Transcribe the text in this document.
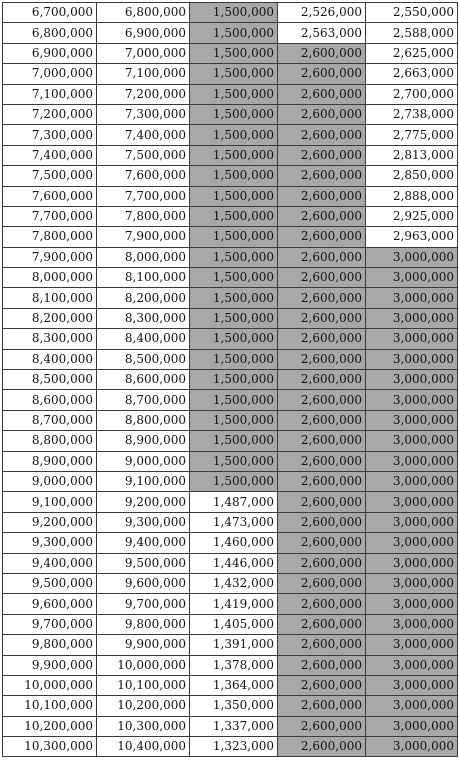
6,700,000	6,800,000	1,500,000	2,526,000	2,550,000
6,800,000	6,900,000	1,500,000	2,563,000	2,588,000
6,900,000	7,000,000	1,500,000	2,600,000	2,625,000
7,000,000	7,100,000	1,500,000	2,600,000	2,663,000
7,100,000	7,200,000	1,500,000	2,600,000	2,700,000
7,200,000	7,300,000	1,500,000	2,600,000	2,738,000
7,300,000	7,400,000	1,500,000	2,600,000	2,775,000
7,400,000	7,500,000	1,500,000	2,600,000	2,813,000
7,500,000	7,600,000	1,500,000	2,600,000	2,850,000
7,600,000	7,700,000	1,500,000	2,600,000	2,888,000
7,700,000	7,800,000	1,500,000	2,600,000	2,925,000
7,800,000	7,900,000	1,500,000	2,600,000	2,963,000
7,900,000	8,000,000	1,500,000	2,600,000	3,000,000
8,000,000	8,100,000	1,500,000	2,600,000	3,000,000
8,100,000	8,200,000	1,500,000	2,600,000	3,000,000
8,200,000	8,300,000	1,500,000	2,600,000	3,000,000
8,300,000	8,400,000	1,500,000	2,600,000	3,000,000
8,400,000	8,500,000	1,500,000	2,600,000	3,000,000
8,500,000	8,600,000	1,500,000	2,600,000	3,000,000
8,600,000	8,700,000	1,500,000	2,600,000	3,000,000
8,700,000	8,800,000	1,500,000	2,600,000	3,000,000
8,800,000	8,900,000	1,500,000	2,600,000	3,000,000
8,900,000	9,000,000	1,500,000	2,600,000	3,000,000
9,000,000	9,100,000	1,500,000	2,600,000	3,000,000
9,100,000	9,200,000	1,487,000	2,600,000	3,000,000
9,200,000	9,300,000	1,473,000	2,600,000	3,000,000
9,300,000	9,400,000	1,460,000	2,600,000	3,000,000
9,400,000	9,500,000	1,446,000	2,600,000	3,000,000
9,500,000	9,600,000	1,432,000	2,600,000	3,000,000
9,600,000	9,700,000	1,419,000	2,600,000	3,000,000
9,700,000	9,800,000	1,405,000	2,600,000	3,000,000
9,800,000	9,900,000	1,391,000	2,600,000	3,000,000
9,900,000	10,000,000	1,378,000	2,600,000	3,000,000
10,000,000	10,100,000	1,364,000	2,600,000	3,000,000
10,100,000	10,200,000	1,350,000	2,600,000	3,000,000
10,200,000	10,300,000	1,337,000	2,600,000	3,000,000
10,300,000	10,400,000	1,323,000	2,600,000	3,000,000
